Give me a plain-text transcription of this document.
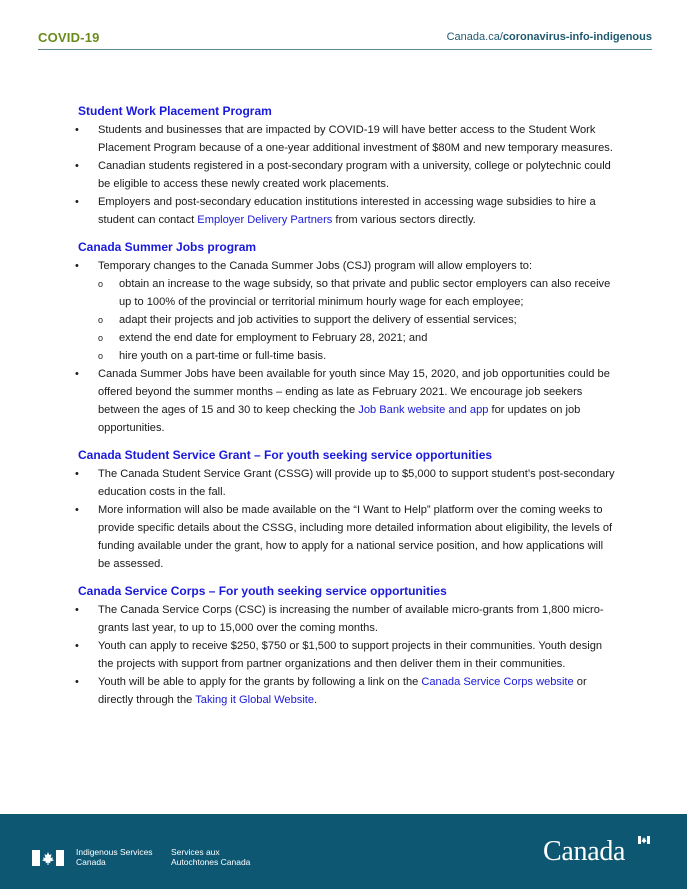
COVID-19	Canada.ca/coronavirus-info-indigenous
Student Work Placement Program
• Students and businesses that are impacted by COVID-19 will have better access to the Student Work Placement Program because of a one-year additional investment of $80M and new temporary measures.
• Canadian students registered in a post-secondary program with a university, college or polytechnic could be eligible to access these newly created work placements.
• Employers and post-secondary education institutions interested in accessing wage subsidies to hire a student can contact Employer Delivery Partners from various sectors directly.
Canada Summer Jobs program
• Temporary changes to the Canada Summer Jobs (CSJ) program will allow employers to:
o obtain an increase to the wage subsidy, so that private and public sector employers can also receive up to 100% of the provincial or territorial minimum hourly wage for each employee;
o adapt their projects and job activities to support the delivery of essential services;
o extend the end date for employment to February 28, 2021; and
o hire youth on a part-time or full-time basis.
• Canada Summer Jobs have been available for youth since May 15, 2020, and job opportunities could be offered beyond the summer months – ending as late as February 2021. We encourage job seekers between the ages of 15 and 30 to keep checking the Job Bank website and app for updates on job opportunities.
Canada Student Service Grant – For youth seeking service opportunities
• The Canada Student Service Grant (CSSG) will provide up to $5,000 to support student’s post-secondary education costs in the fall.
• More information will also be made available on the “I Want to Help” platform over the coming weeks to provide specific details about the CSSG, including more detailed information about eligibility, the levels of funding available under the grant, how to apply for a national service position, and how applications will be assessed.
Canada Service Corps – For youth seeking service opportunities
• The Canada Service Corps (CSC) is increasing the number of available micro-grants from 1,800 micro-grants last year, to up to 15,000 over the coming months.
• Youth can apply to receive $250, $750 or $1,500 to support projects in their communities. Youth design the projects with support from partner organizations and then deliver them in their communities.
• Youth will be able to apply for the grants by following a link on the Canada Service Corps website or directly through the Taking it Global Website.
Indigenous Services
Canada
Services aux
Autochtones Canada	Canada
